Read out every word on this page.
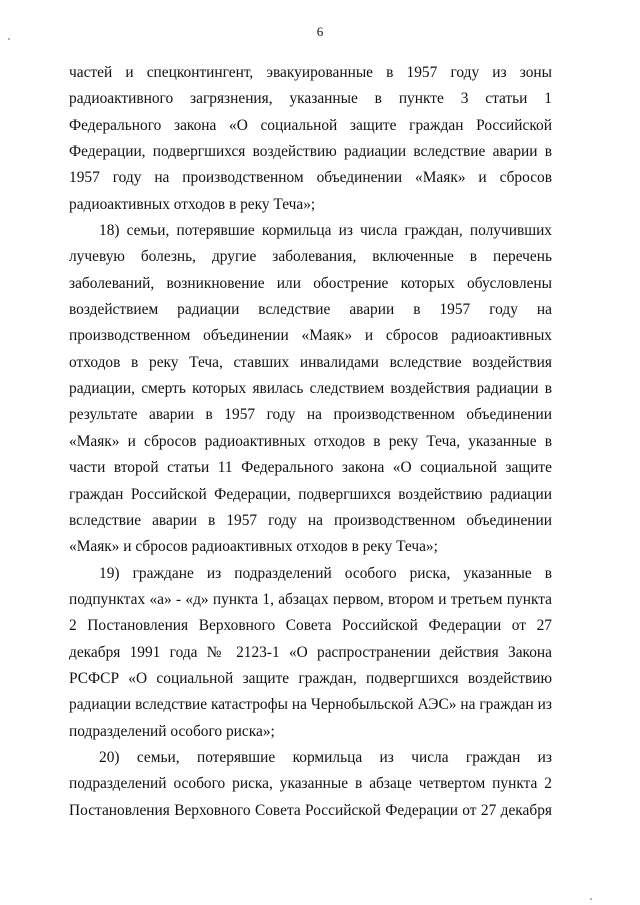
6

частей и спецконтингент, эвакуированные в 1957 году из зоны радиоактивного загрязнения, указанные в пункте 3 статьи 1 Федерального закона «О социальной защите граждан Российской Федерации, подвергшихся воздействию радиации вследствие аварии в 1957 году на производственном объединении «Маяк» и сбросов радиоактивных отходов в реку Теча»;

18) семьи, потерявшие кормильца из числа граждан, получивших лучевую болезнь, другие заболевания, включенные в перечень заболеваний, возникновение или обострение которых обусловлены воздействием радиации вследствие аварии в 1957 году на производственном объединении «Маяк» и сбросов радиоактивных отходов в реку Теча, ставших инвалидами вследствие воздействия радиации, смерть которых явилась следствием воздействия радиации в результате аварии в 1957 году на производственном объединении «Маяк» и сбросов радиоактивных отходов в реку Теча, указанные в части второй статьи 11 Федерального закона «О социальной защите граждан Российской Федерации, подвергшихся воздействию радиации вследствие аварии в 1957 году на производственном объединении «Маяк» и сбросов радиоактивных отходов в реку Теча»;

19) граждане из подразделений особого риска, указанные в подпунктах «а» - «д» пункта 1, абзацах первом, втором и третьем пункта 2 Постановления Верховного Совета Российской Федерации от 27 декабря 1991 года № 2123-1 «О распространении действия Закона РСФСР «О социальной защите граждан, подвергшихся воздействию радиации вследствие катастрофы на Чернобыльской АЭС» на граждан из подразделений особого риска»;

20) семьи, потерявшие кормильца из числа граждан из подразделений особого риска, указанные в абзаце четвертом пункта 2 Постановления Верховного Совета Российской Федерации от 27 декабря
